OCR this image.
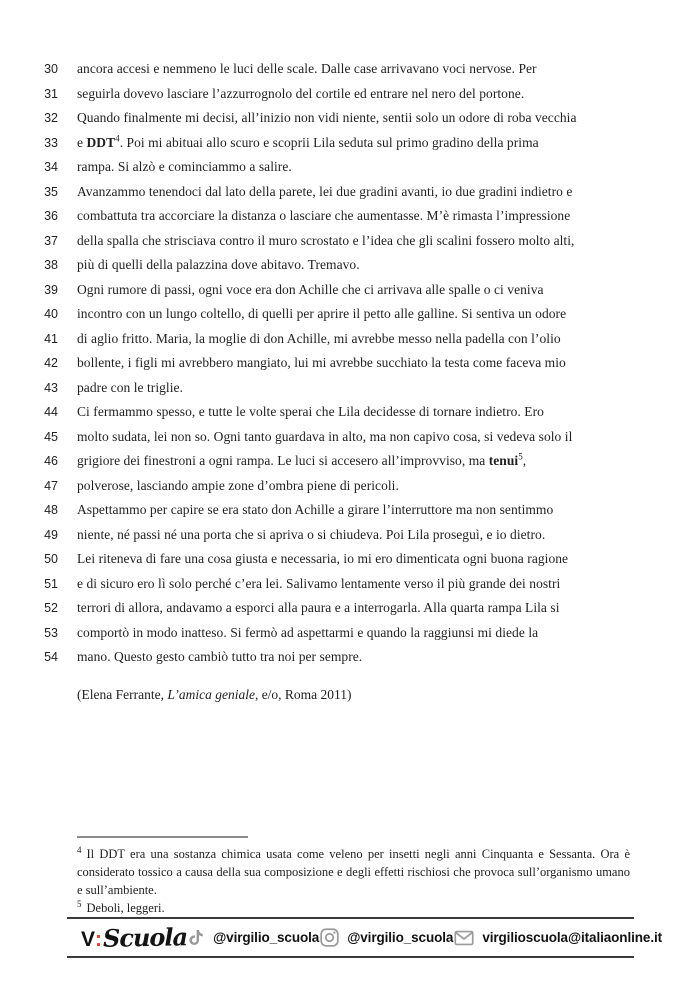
30 ancora accesi e nemmeno le luci delle scale. Dalle case arrivavano voci nervose. Per
31 seguirla dovevo lasciare l’azzurrognolo del cortile ed entrare nel nero del portone.
32 Quando finalmente mi decisi, all’inizio non vidi niente, sentii solo un odore di roba vecchia
33 e DDT$^4$. Poi mi abituai allo scuro e scoprii Lila seduta sul primo gradino della prima
34 rampa. Si alzò e cominciammo a salire.
35 Avanzammo tenendoci dal lato della parete, lei due gradini avanti, io due gradini indietro e
36 combattuta tra accorciare la distanza o lasciare che aumentasse. M’è rimasta l’impressione
37 della spalla che strisciava contro il muro scrostato e l’idea che gli scalini fossero molto alti,
38 più di quelli della palazzina dove abitavo. Tremavo.
39 Ogni rumore di passi, ogni voce era don Achille che ci arrivava alle spalle o ci veniva
40 incontro con un lungo coltello, di quelli per aprire il petto alle galline. Si sentiva un odore
41 di aglio fritto. Maria, la moglie di don Achille, mi avrebbe messo nella padella con l’olio
42 bollente, i figli mi avrebbero mangiato, lui mi avrebbe succhiato la testa come faceva mio
43 padre con le triglie.
44 Ci fermammo spesso, e tutte le volte sperai che Lila decidesse di tornare indietro. Ero
45 molto sudata, lei non so. Ogni tanto guardava in alto, ma non capivo cosa, si vedeva solo il
46 grigiore dei finestroni a ogni rampa. Le luci si accesero all’improvviso, ma tenui$^5$,
47 polverose, lasciando ampie zone d’ombra piene di pericoli.
48 Aspettammo per capire se era stato don Achille a girare l’interruttore ma non sentimmo
49 niente, né passi né una porta che si apriva o si chiudeva. Poi Lila proseguì, e io dietro.
50 Lei riteneva di fare una cosa giusta e necessaria, io mi ero dimenticata ogni buona ragione
51 e di sicuro ero lì solo perché c’era lei. Salivamo lentamente verso il più grande dei nostri
52 terrori di allora, andavamo a esporci alla paura e a interrogarla. Alla quarta rampa Lila si
53 comportò in modo inatteso. Si fermò ad aspettarmi e quando la raggiunsi mi diede la
54 mano. Questo gesto cambiò tutto tra noi per sempre.

(Elena Ferrante, L’amica geniale, e/o, Roma 2011)

$^4$ Il DDT era una sostanza chimica usata come veleno per insetti negli anni Cinquanta e Sessanta. Ora è considerato tossico a causa della sua composizione e degli effetti rischiosi che provoca sull’organismo umano e sull’ambiente.

$^5$ Deboli, leggeri.

V : Scuola @virgilio_scuola @virgilio_scuola virgilioscuola@italiaonline.it
